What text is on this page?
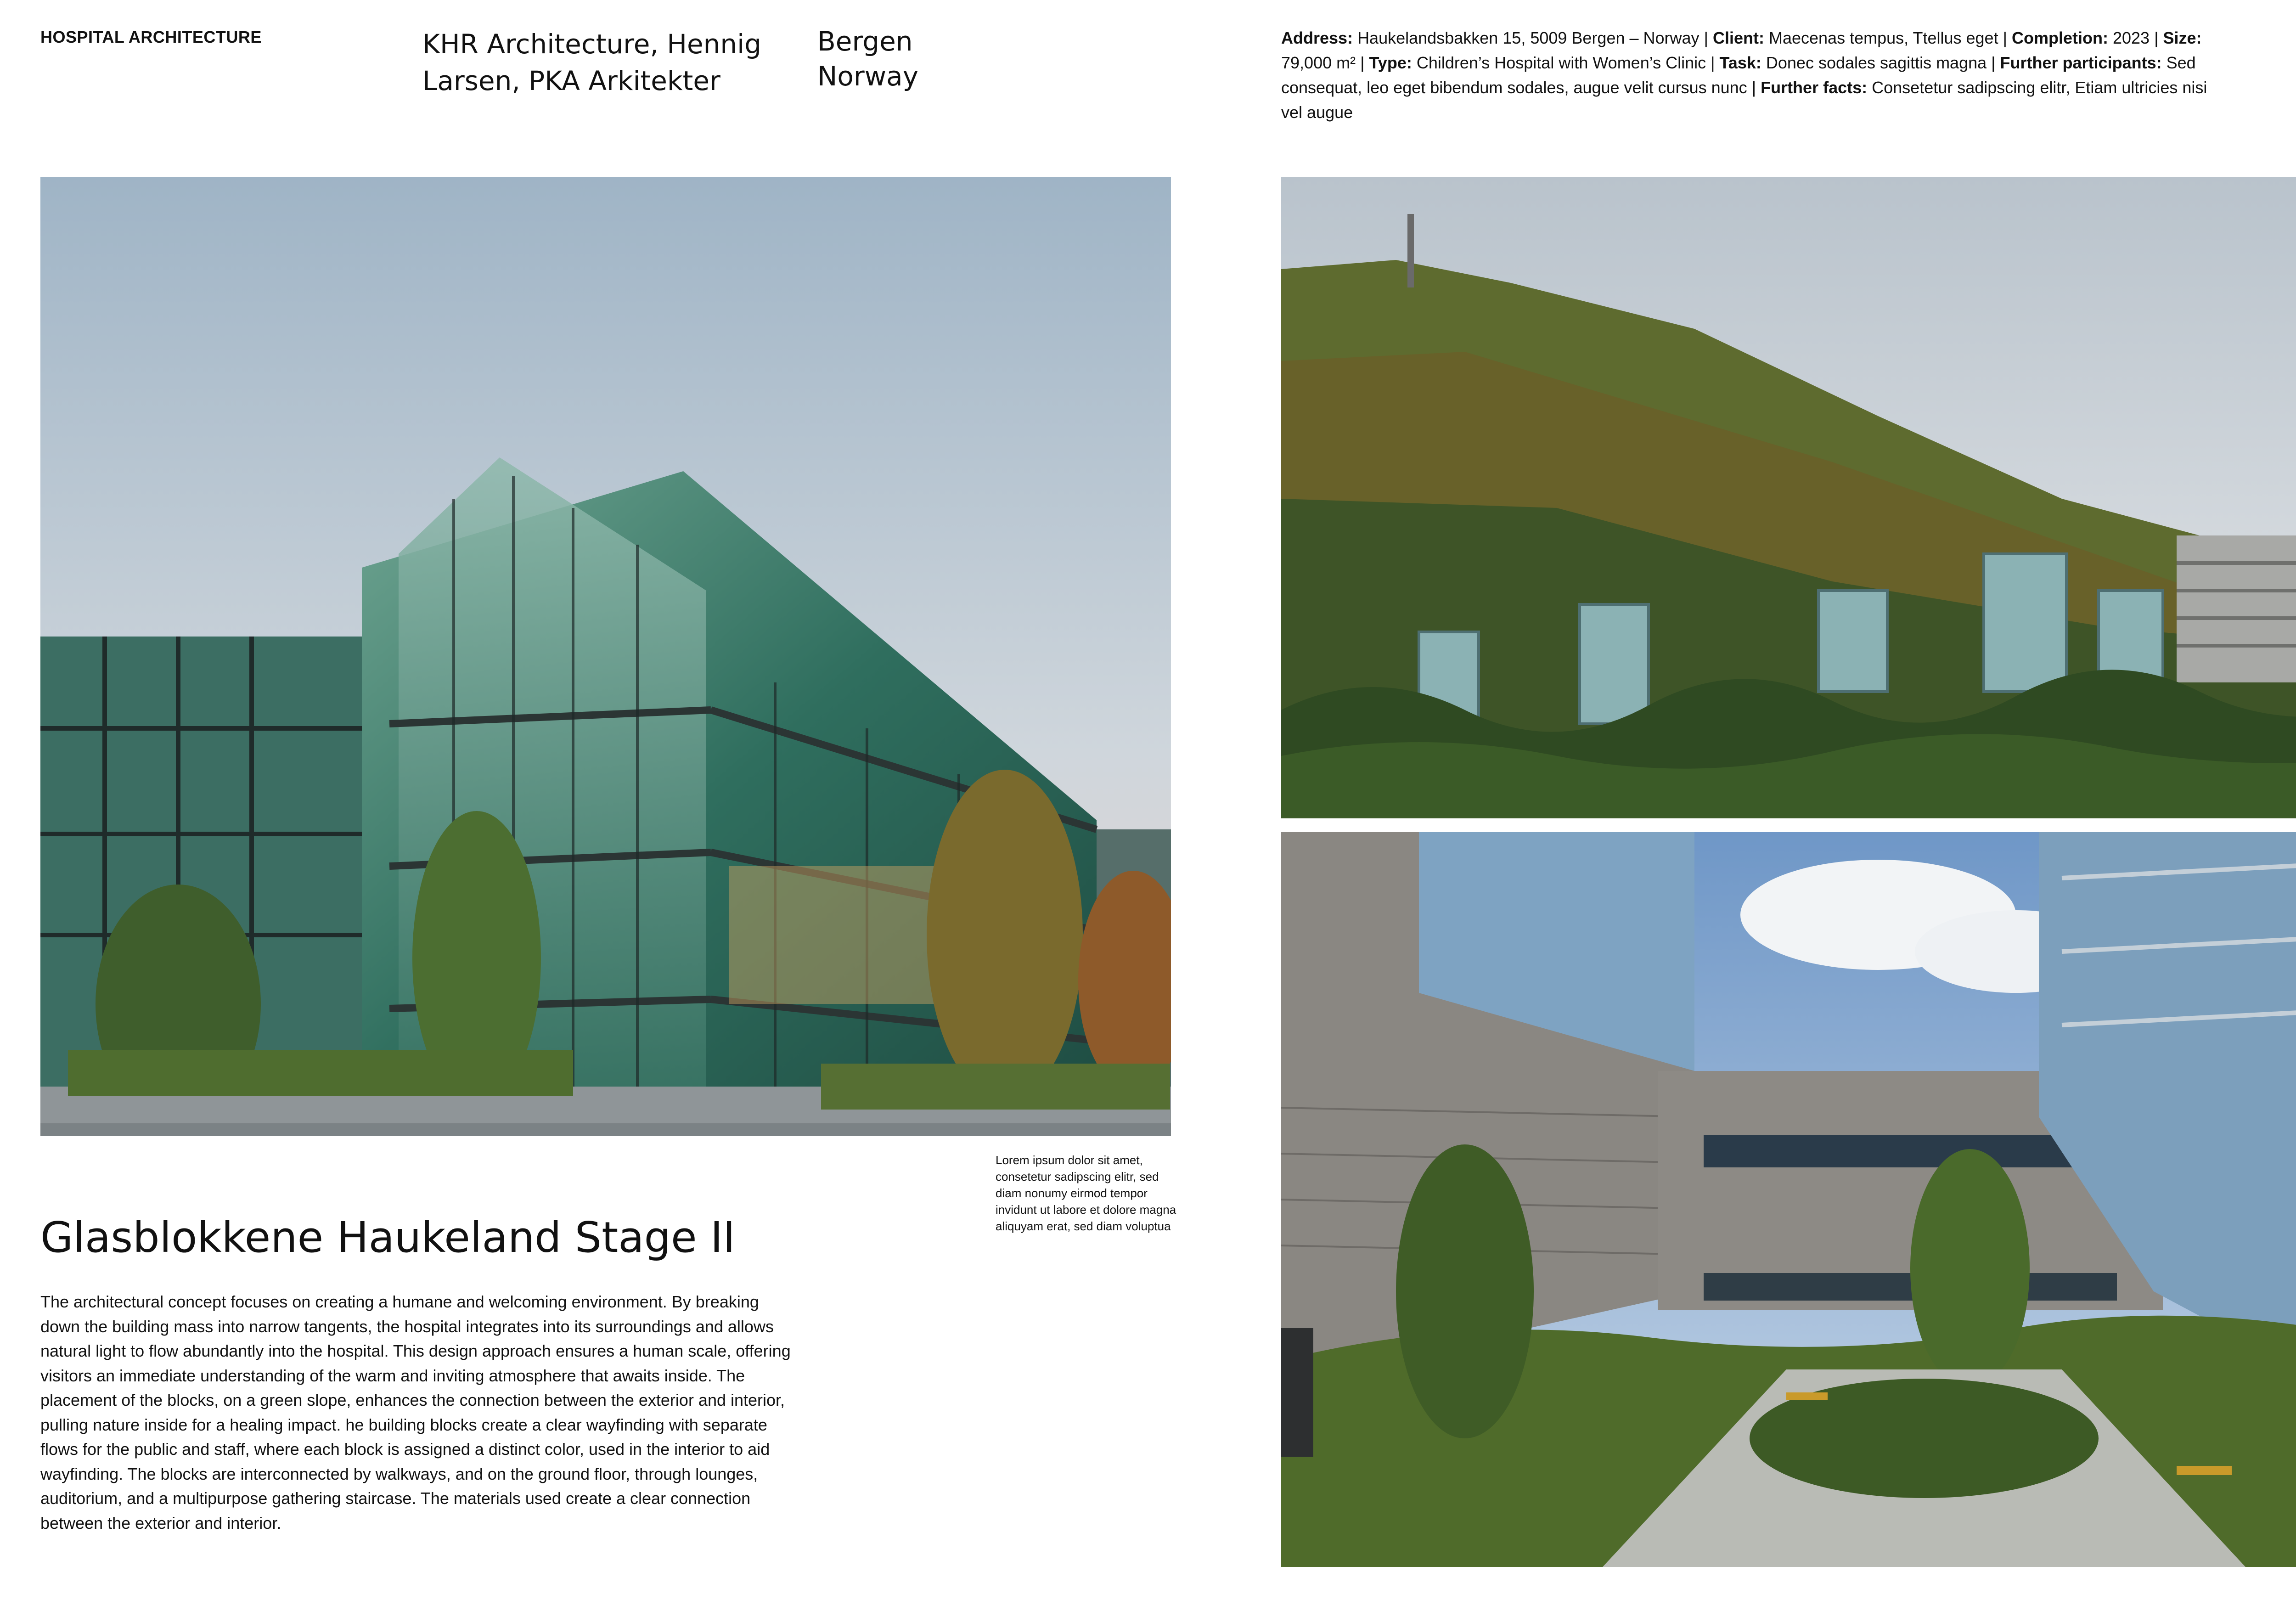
HOSPITAL ARCHITECTURE	KHR Architecture, Hennig Larsen, PKA Arkitekter
Bergen
Norway
Address: Haukelandsbakken 15, 5009 Bergen – Norway | Client: Maecenas tempus, Ttellus eget | Completion: 2023 | Size: 79,000 m² | Type: Children’s Hospital with Women’s Clinic | Task: Donec sodales sagittis magna | Further participants: Sed consequat, leo eget bibendum sodales, augue velit cursus nunc | Further facts: Consetetur sadipscing elitr, Etiam ultricies nisi vel augue
Lorem ipsum dolor sit amet, consetetur sadipscing elitr, sed diam nonumy eirmod tempor invidunt ut labore et dolore magna aliquyam erat, sed diam voluptua
Glasblokkene Haukeland Stage II
The architectural concept focuses on creating a humane and welcoming environment. By breaking down the building mass into narrow tangents, the hospital integrates into its surroundings and allows natural light to flow abundantly into the hospital. This design approach ensures a human scale, offering visitors an immediate understanding of the warm and inviting atmosphere that awaits inside. The placement of the blocks, on a green slope, enhances the connection between the exterior and interior, pulling nature inside for a healing impact. he building blocks create a clear wayfinding with separate flows for the public and staff, where each block is assigned a distinct color, used in the interior to aid wayfinding. The blocks are interconnected by walkways, and on the ground floor, through lounges, auditorium, and a multipurpose gathering staircase. The materials used create a clear connection between the exterior and interior.
